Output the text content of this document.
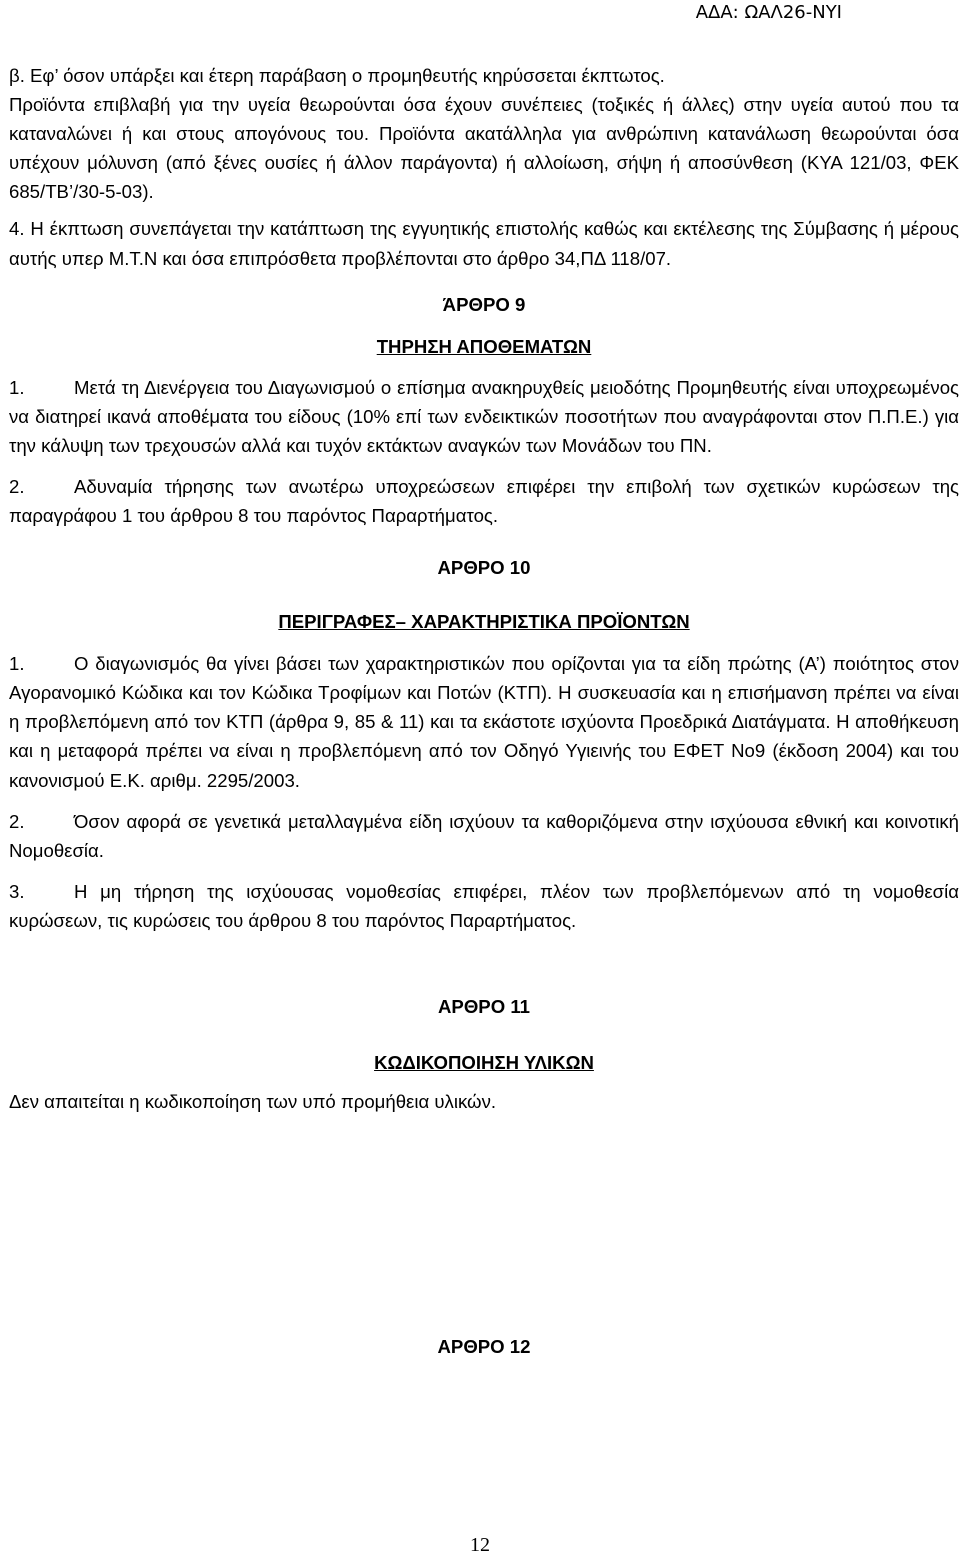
ΑΔΑ: ΩΑΛ26-ΝΥΙ

β. Εφ’ όσον υπάρξει και έτερη παράβαση ο προμηθευτής κηρύσσεται έκπτωτος.

Προϊόντα επιβλαβή για την υγεία θεωρούνται όσα έχουν συνέπειες (τοξικές ή άλλες) στην υγεία αυτού που τα καταναλώνει ή και στους απογόνους του. Προϊόντα ακατάλληλα για ανθρώπινη κατανάλωση θεωρούνται όσα υπέχουν μόλυνση (από ξένες ουσίες ή άλλον παράγοντα) ή αλλοίωση, σήψη ή αποσύνθεση (ΚΥΑ 121/03, ΦΕΚ 685/ΤΒ’/30-5-03).

4. Η έκπτωση συνεπάγεται την κατάπτωση της εγγυητικής επιστολής καθώς και εκτέλεσης της Σύμβασης ή μέρους αυτής υπερ Μ.Τ.Ν και όσα επιπρόσθετα προβλέπονται στο άρθρο 34,ΠΔ 118/07.

ΆΡΘΡΟ 9

ΤΗΡΗΣΗ ΑΠΟΘΕΜΑΤΩΝ

1.	Μετά τη Διενέργεια του Διαγωνισμού ο επίσημα ανακηρυχθείς μειοδότης Προμηθευτής είναι υποχρεωμένος να διατηρεί ικανά αποθέματα του είδους (10% επί των ενδεικτικών ποσοτήτων που αναγράφονται στον Π.Π.Ε.) για την κάλυψη των τρεχουσών αλλά και τυχόν εκτάκτων αναγκών των Μονάδων του ΠΝ.

2.	Αδυναμία τήρησης των ανωτέρω υποχρεώσεων επιφέρει την επιβολή των σχετικών κυρώσεων της παραγράφου 1 του άρθρου 8 του παρόντος Παραρτήματος.

ΑΡΘΡΟ 10

ΠΕΡΙΓΡΑΦΕΣ– ΧΑΡΑΚΤΗΡΙΣΤΙΚΑ ΠΡΟΪΟΝΤΩΝ

1.	Ο διαγωνισμός θα γίνει βάσει των χαρακτηριστικών που ορίζονται για τα είδη πρώτης (Α’) ποιότητος στον Αγορανομικό Κώδικα και τον Κώδικα Τροφίμων και Ποτών (ΚΤΠ). Η συσκευασία και η επισήμανση πρέπει να είναι η προβλεπόμενη από τον ΚΤΠ (άρθρα 9, 85 & 11) και τα εκάστοτε ισχύοντα Προεδρικά Διατάγματα. Η αποθήκευση και η μεταφορά πρέπει να είναι η προβλεπόμενη από τον Οδηγό Υγιεινής του ΕΦΕΤ Νο9 (έκδοση 2004) και του κανονισμού Ε.Κ. αριθμ. 2295/2003.

2.	Όσον αφορά σε γενετικά μεταλλαγμένα είδη ισχύουν τα καθοριζόμενα στην ισχύουσα εθνική και κοινοτική Νομοθεσία.

3.	Η μη τήρηση της ισχύουσας νομοθεσίας επιφέρει, πλέον των προβλεπόμενων από τη νομοθεσία κυρώσεων, τις κυρώσεις του άρθρου 8 του παρόντος Παραρτήματος.

ΑΡΘΡΟ 11

ΚΩΔΙΚΟΠΟΙΗΣΗ ΥΛΙΚΩΝ

Δεν απαιτείται η κωδικοποίηση των υπό προμήθεια υλικών.

ΑΡΘΡΟ 12

12
